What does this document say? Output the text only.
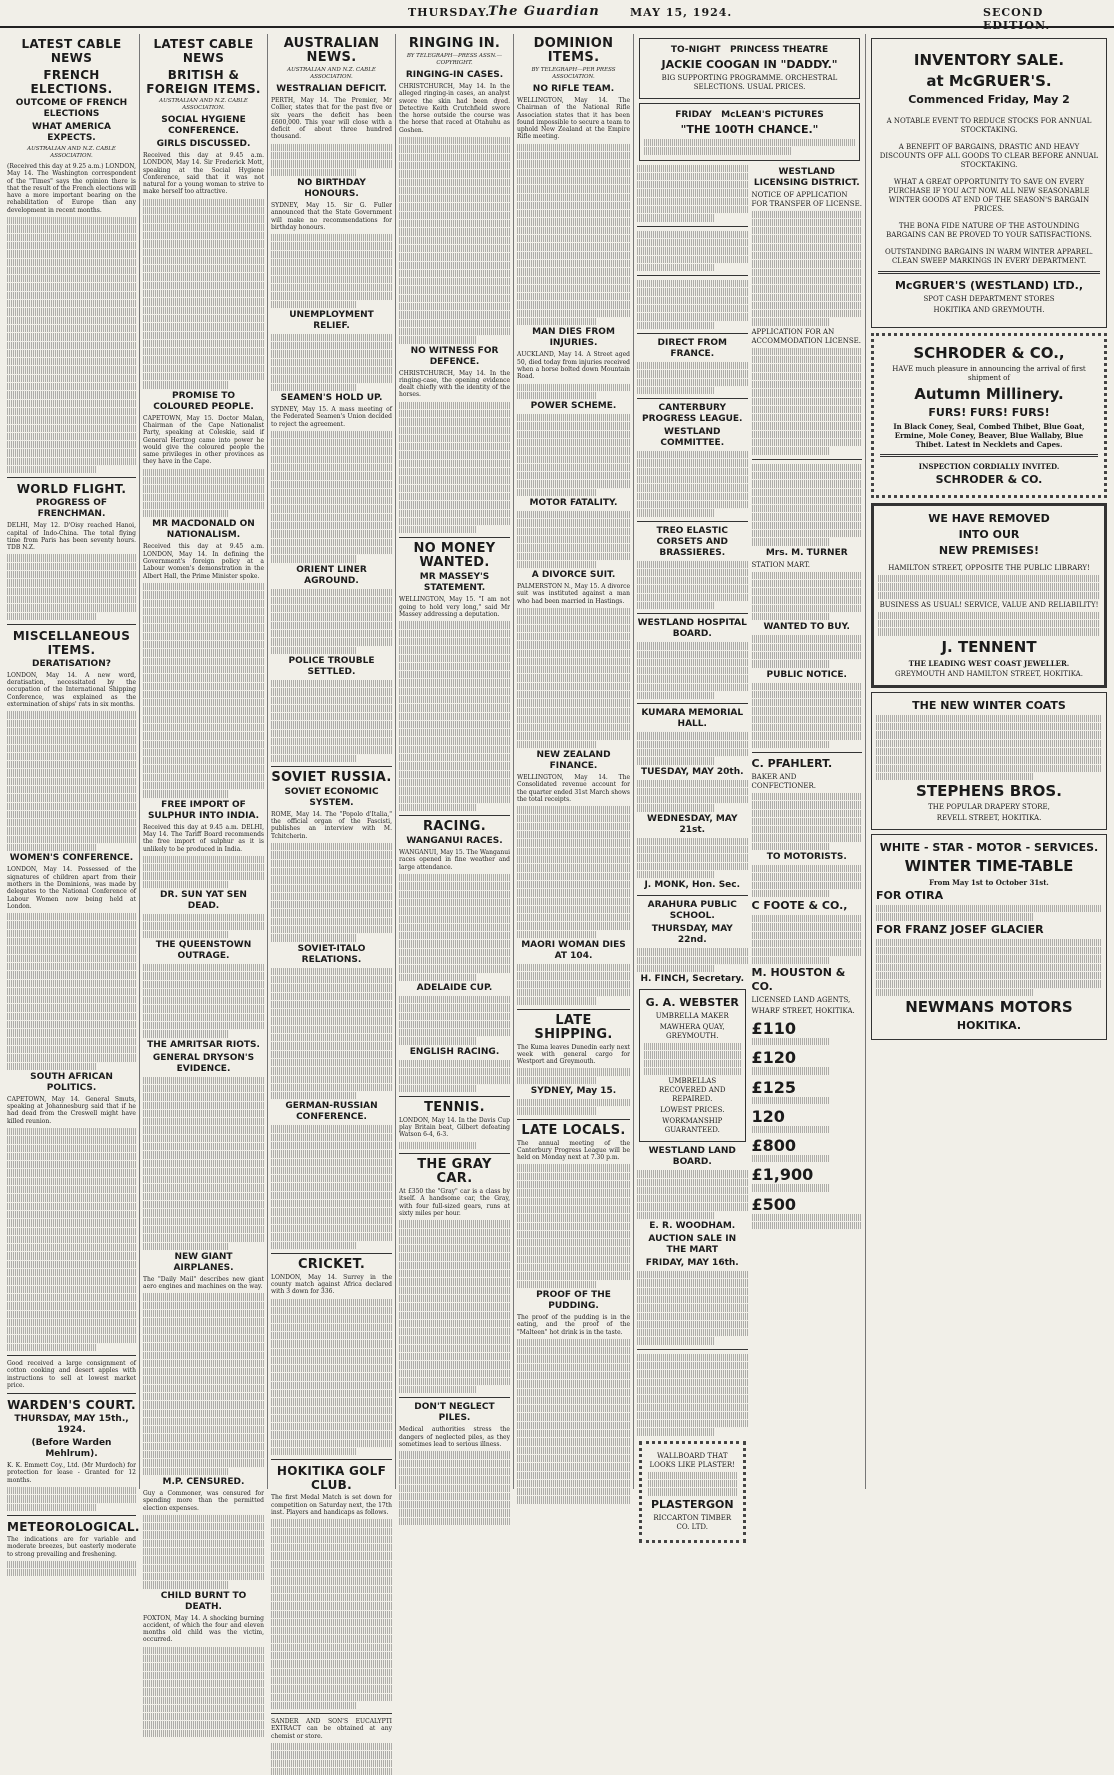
THURSDAY.
The Guardian	MAY 15, 1924.	SECOND EDITION.
LATEST CABLE NEWS
FRENCH ELECTIONS.
OUTCOME OF FRENCH ELECTIONS
WHAT AMERICA EXPECTS.
AUSTRALIAN AND N.Z. CABLE ASSOCIATION.
(Received this day at 9.25 a.m.) LONDON, May 14. The Washington correspondent of the "Times" says the opinion there is that the result of the French elections will have a more important bearing on the rehabilitation of Europe than any development in recent months.
WORLD FLIGHT.
PROGRESS OF FRENCHMAN.
DELHI, May 12. D'Oisy reached Hanoi, capital of Indo-China. The total flying time from Paris has been seventy hours. TDB N.Z.
MISCELLANEOUS ITEMS.
DERATISATION?
LONDON, May 14. A new word, deratisation, necessitated by the occupation of the International Shipping Conference, was explained as the extermination of ships' rats in six months.
WOMEN'S CONFERENCE.
LONDON, May 14. Possessed of the signatures of children apart from their mothers in the Dominions, was made by delegates to the National Conference of Labour Women now being held at London.
SOUTH AFRICAN POLITICS.
CAPETOWN, May 14. General Smuts, speaking at Johannesburg said that if he had dead from the Creswell might have killed reunion.
Good received a large consignment of cotton cooking and desert apples with instructions to sell at lowest market price.
WARDEN'S COURT.
THURSDAY, MAY 15th., 1924.
(Before Warden Mehlrum).
K. K. Emmett Coy., Ltd. (Mr Murdoch) for protection for lease - Granted for 12 months.
METEOROLOGICAL.
The indications are for variable and moderate breezes, but easterly moderate to strong prevailing and freshening.
LATEST CABLE NEWS
BRITISH & FOREIGN ITEMS.
AUSTRALIAN AND N.Z. CABLE ASSOCIATION.
SOCIAL HYGIENE CONFERENCE.
GIRLS DISCUSSED.
Received this day at 9.45 a.m. LONDON, May 14. Sir Frederick Mott, speaking at the Social Hygiene Conference, said that it was not natural for a young woman to strive to make herself too attractive.
PROMISE TO COLOURED PEOPLE.
CAPETOWN, May 15. Doctor Malan, Chairman of the Cape Nationalist Party, speaking at Coleskie, said if General Hertzog came into power he would give the coloured people the same privileges in other provinces as they have in the Cape.
MR MACDONALD ON NATIONALISM.
Received this day at 9.45 a.m. LONDON, May 14. In defining the Government's foreign policy at a Labour women's demonstration in the Albert Hall, the Prime Minister spoke.
FREE IMPORT OF SULPHUR INTO INDIA.
Received this day at 9.45 a.m. DELHI, May 14. The Tariff Board recommends the free import of sulphur as it is unlikely to be produced in India.
DR. SUN YAT SEN DEAD.
THE QUEENSTOWN OUTRAGE.
THE AMRITSAR RIOTS.
GENERAL DRYSON'S EVIDENCE.
NEW GIANT AIRPLANES.
The "Daily Mail" describes new giant aero engines and machines on the way.
M.P. CENSURED.
Guy a Commoner, was censured for spending more than the permitted election expenses.
CHILD BURNT TO DEATH.
FOXTON, May 14. A shocking burning accident, of which the four and eleven months old child was the victim, occurred.
AUSTRALIAN NEWS.
AUSTRALIAN AND N.Z. CABLE ASSOCIATION.
WESTRALIAN DEFICIT.
PERTH, May 14. The Premier, Mr Collier, states that for the past five or six years the deficit has been £600,000. This year will close with a deficit of about three hundred thousand.
NO BIRTHDAY HONOURS.
SYDNEY, May 15. Sir G. Fuller announced that the State Government will make no recommendations for birthday honours.
UNEMPLOYMENT RELIEF.
SEAMEN'S HOLD UP.
SYDNEY, May 15. A mass meeting of the Federated Seamen's Union decided to reject the agreement.
ORIENT LINER AGROUND.
POLICE TROUBLE SETTLED.
SOVIET RUSSIA.
SOVIET ECONOMIC SYSTEM.
ROME, May 14. The "Popolo d'Italia," the official organ of the Fascisti, publishes an interview with M. Tchitcherin.
SOVIET-ITALO RELATIONS.
GERMAN-RUSSIAN CONFERENCE.
CRICKET.
LONDON, May 14. Surrey in the county match against Africa declared with 3 down for 336.
HOKITIKA GOLF CLUB.
The first Medal Match is set down for competition on Saturday next, the 17th inst. Players and handicaps as follows.
SANDER AND SON'S EUCALYPTI EXTRACT can be obtained at any chemist or store.
RINGING IN.
BY TELEGRAPH—PRESS ASSN.—COPYRIGHT.
RINGING-IN CASES.
CHRISTCHURCH, May 14. In the alleged ringing-in cases, an analyst swore the skin had been dyed. Detective Keith Crutchfield swore the horse outside the course was the horse that raced at Otahuhu as Goshen.
NO WITNESS FOR DEFENCE.
CHRISTCHURCH, May 14. In the ringing-case, the opening evidence dealt chiefly with the identity of the horses.
NO MONEY WANTED.
MR MASSEY'S STATEMENT.
WELLINGTON, May 15. "I am not going to hold very long," said Mr Massey addressing a deputation.
RACING.
WANGANUI RACES.
WANGANUI, May 15. The Wanganui races opened in fine weather and large attendance.
ADELAIDE CUP.
ENGLISH RACING.
TENNIS.
LONDON, May 14. In the Davis Cup play Britain beat, Gilbert defeating Watson 6-4, 6-3.
THE GRAY CAR.
At £350 the "Gray" car is a class by itself. A handsome car, the Gray, with four full-sized gears, runs at sixty miles per hour.
DON'T NEGLECT PILES.
Medical authorities stress the dangers of neglected piles, as they sometimes lead to serious illness.
DOMINION ITEMS.
BY TELEGRAPH—PER PRESS ASSOCIATION.
NO RIFLE TEAM.
WELLINGTON, May 14. The Chairman of the National Rifle Association states that it has been found impossible to secure a team to uphold New Zealand at the Empire Rifle meeting.
MAN DIES FROM INJURIES.
AUCKLAND, May 14. A Street aged 50, died today from injuries received when a horse bolted down Mountain Road.
POWER SCHEME.
MOTOR FATALITY.
A DIVORCE SUIT.
PALMERSTON N., May 15. A divorce suit was instituted against a man who had been married in Hastings.
NEW ZEALAND FINANCE.
WELLINGTON, May 14. The Consolidated revenue account for the quarter ended 31st March shows the total receipts.
MAORI WOMAN DIES AT 104.
LATE SHIPPING.
The Kuma leaves Dunedin early next week with general cargo for Westport and Greymouth.
SYDNEY, May 15.
LATE LOCALS.
The annual meeting of the Canterbury Progress League will be held on Monday next at 7.30 p.m.
PROOF OF THE PUDDING.
The proof of the pudding is in the eating, and the proof of the "Malteen" hot drink is in the taste.
TO-NIGHT PRINCESS THEATRE
JACKIE COOGAN IN "DADDY."
BIG SUPPORTING PROGRAMME. ORCHESTRAL SELECTIONS. USUAL PRICES.
FRIDAY McLEAN'S PICTURES
"THE 100TH CHANCE."
DIRECT FROM FRANCE.
CANTERBURY PROGRESS LEAGUE.
WESTLAND COMMITTEE.
TREO ELASTIC CORSETS AND BRASSIERES.
WESTLAND HOSPITAL BOARD.
KUMARA MEMORIAL HALL.
TUESDAY, MAY 20th.
WEDNESDAY, MAY 21st.
J. MONK, Hon. Sec.
ARAHURA PUBLIC SCHOOL.
THURSDAY, MAY 22nd.
H. FINCH, Secretary.
G. A. WEBSTER
UMBRELLA MAKER
MAWHERA QUAY, GREYMOUTH.
UMBRELLAS RECOVERED AND REPAIRED.
LOWEST PRICES.
WORKMANSHIP GUARANTEED.
WESTLAND LAND BOARD.
E. R. WOODHAM.
AUCTION SALE IN THE MART
FRIDAY, MAY 16th.
WALLBOARD THAT LOOKS LIKE PLASTER!
PLASTERGON
RICCARTON TIMBER CO. LTD.
WESTLAND LICENSING DISTRICT.
NOTICE OF APPLICATION FOR TRANSFER OF LICENSE.
APPLICATION FOR AN ACCOMMODATION LICENSE.
Mrs. M. TURNER
STATION MART.
WANTED TO BUY.
PUBLIC NOTICE.
C. PFAHLERT.
BAKER AND CONFECTIONER.
TO MOTORISTS.
C FOOTE & CO.,
M. HOUSTON & CO.
LICENSED LAND AGENTS,
WHARF STREET, HOKITIKA.
£110
£120
£125
120
£800
£1,900
£500
INVENTORY SALE.
at McGRUER'S.
Commenced Friday, May 2
A NOTABLE EVENT TO REDUCE STOCKS FOR ANNUAL STOCKTAKING.
A BENEFIT OF BARGAINS, DRASTIC AND HEAVY DISCOUNTS OFF ALL GOODS TO CLEAR BEFORE ANNUAL STOCKTAKING.
WHAT A GREAT OPPORTUNITY TO SAVE ON EVERY PURCHASE IF YOU ACT NOW. ALL NEW SEASONABLE WINTER GOODS AT END OF THE SEASON'S BARGAIN PRICES.
THE BONA FIDE NATURE OF THE ASTOUNDING BARGAINS CAN BE PROVED TO YOUR SATISFACTIONS.
OUTSTANDING BARGAINS IN WARM WINTER APPAREL. CLEAN SWEEP MARKINGS IN EVERY DEPARTMENT.
McGRUER'S (WESTLAND) LTD.,
SPOT CASH DEPARTMENT STORES
HOKITIKA AND GREYMOUTH.
SCHRODER & CO.,
HAVE much pleasure in announcing the arrival of first shipment of
Autumn Millinery.
FURS! FURS! FURS!
In Black Coney, Seal, Combed Thibet, Blue Goat, Ermine, Mole Coney, Beaver, Blue Wallaby, Blue Thibet. Latest in Necklets and Capes.
INSPECTION CORDIALLY INVITED.
SCHRODER & CO.
WE HAVE REMOVED
INTO OUR
NEW PREMISES!
HAMILTON STREET, OPPOSITE THE PUBLIC LIBRARY!
BUSINESS AS USUAL! SERVICE, VALUE AND RELIABILITY!
J. TENNENT
THE LEADING WEST COAST JEWELLER.
GREYMOUTH AND HAMILTON STREET, HOKITIKA.
THE NEW WINTER COATS
STEPHENS BROS.
THE POPULAR DRAPERY STORE,
REVELL STREET, HOKITIKA.
WHITE - STAR - MOTOR - SERVICES.
WINTER TIME-TABLE
From May 1st to October 31st.
FOR OTIRA
FOR FRANZ JOSEF GLACIER
NEWMANS MOTORS
HOKITIKA.
